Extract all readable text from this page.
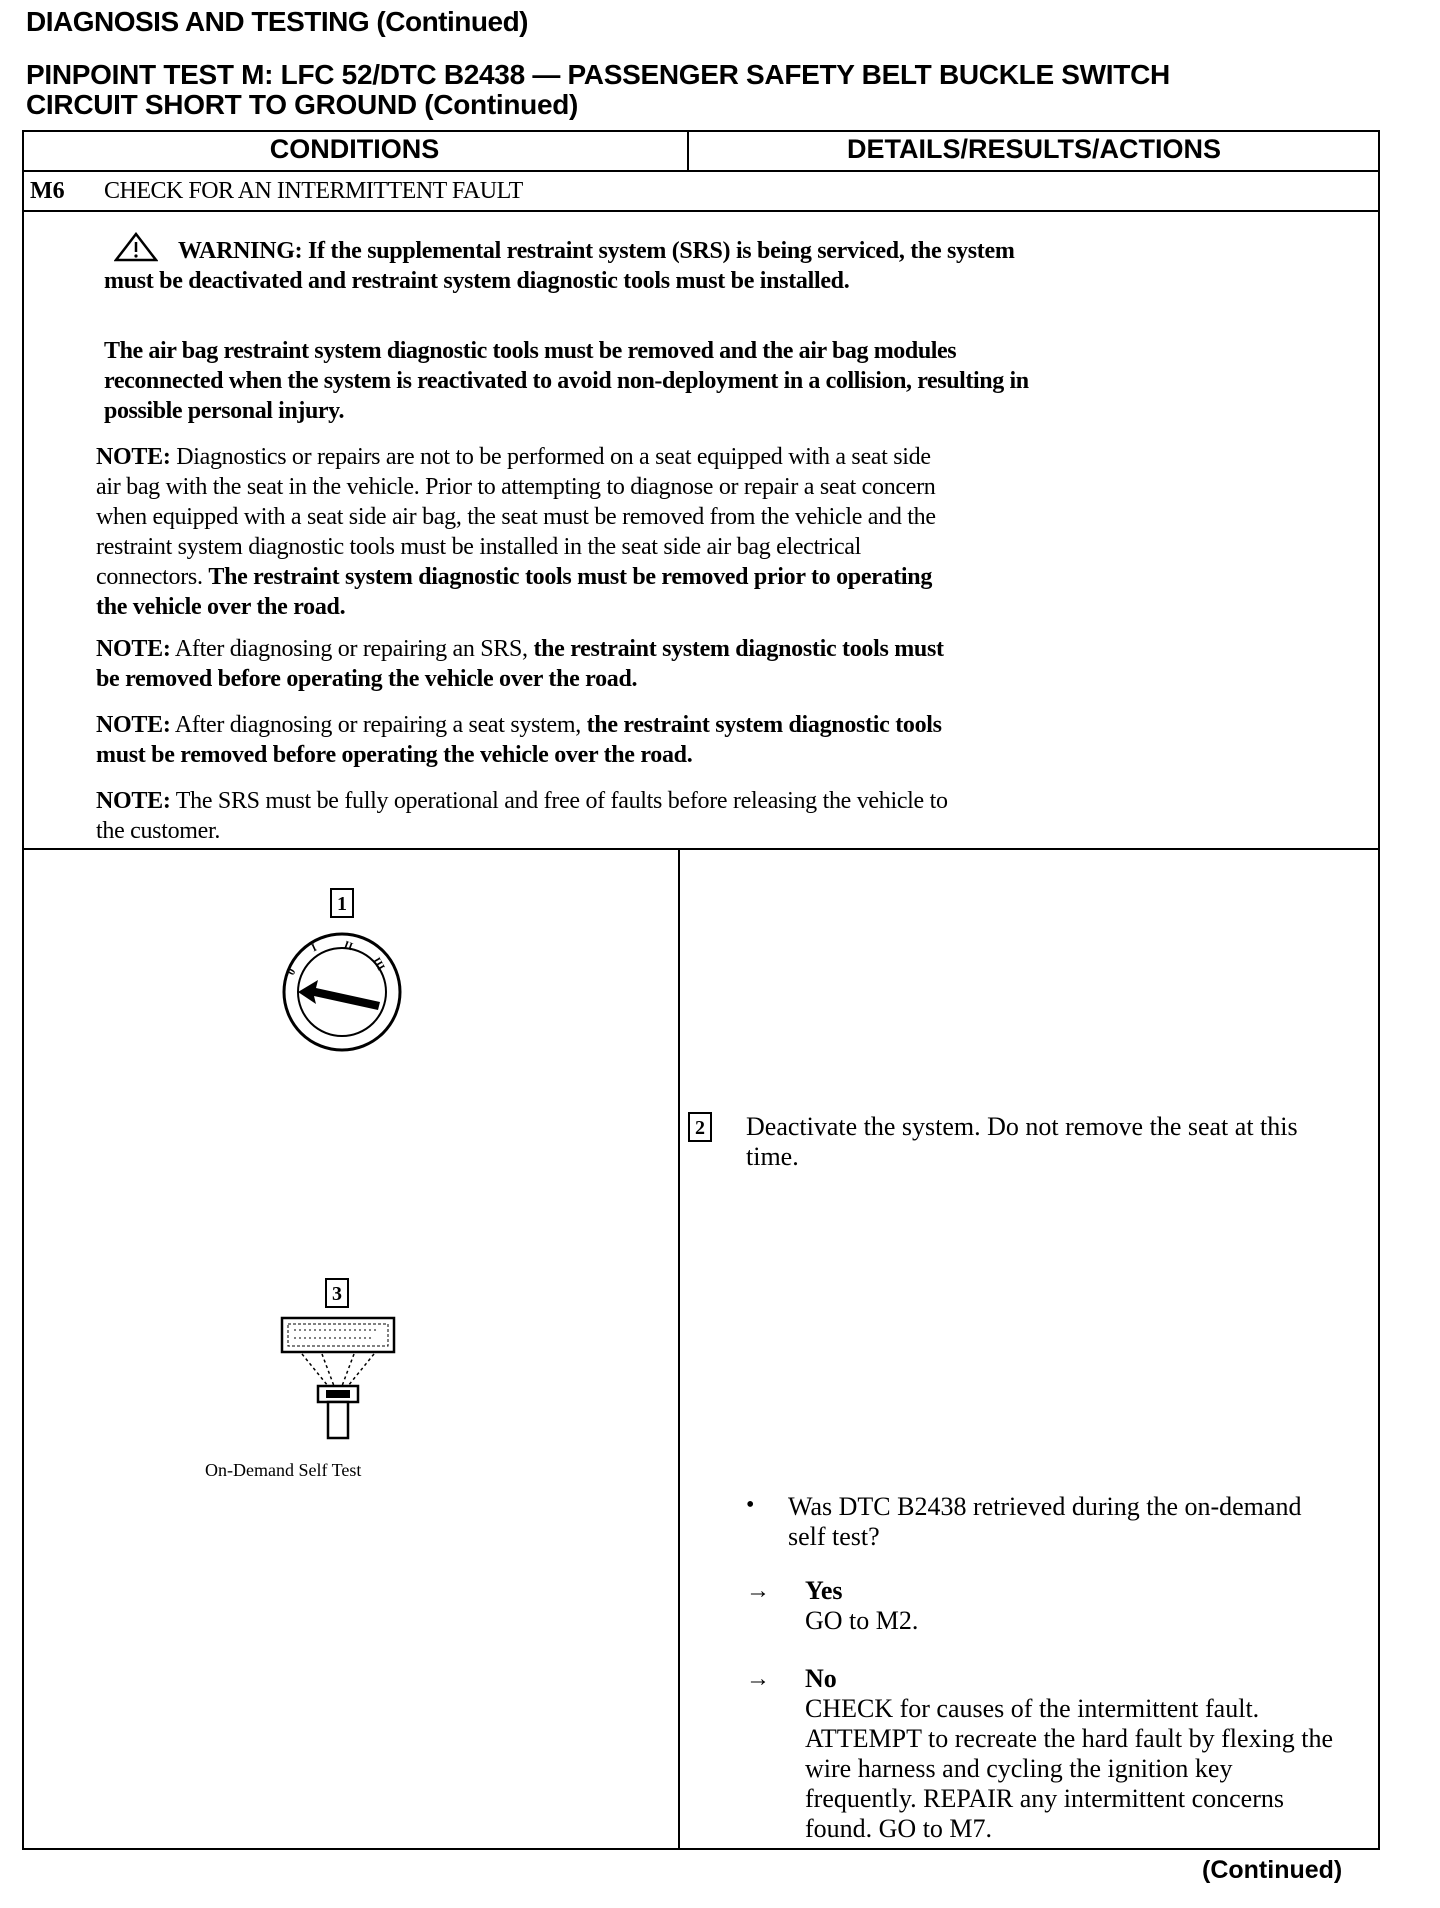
DIAGNOSIS AND TESTING (Continued)
PINPOINT TEST M: LFC 52/DTC B2438 — PASSENGER SAFETY BELT BUCKLE SWITCH
CIRCUIT SHORT TO GROUND (Continued)
CONDITIONS	DETAILS/RESULTS/ACTIONS
M6 CHECK FOR AN INTERMITTENT FAULT
WARNING: If the supplemental restraint system (SRS) is being serviced, the system
must be deactivated and restraint system diagnostic tools must be installed.
The air bag restraint system diagnostic tools must be removed and the air bag modules
reconnected when the system is reactivated to avoid non-deployment in a collision, resulting in
possible personal injury.
NOTE: Diagnostics or repairs are not to be performed on a seat equipped with a seat side
air bag with the seat in the vehicle. Prior to attempting to diagnose or repair a seat concern
when equipped with a seat side air bag, the seat must be removed from the vehicle and the
restraint system diagnostic tools must be installed in the seat side air bag electrical
connectors. The restraint system diagnostic tools must be removed prior to operating
the vehicle over the road.
NOTE: After diagnosing or repairing an SRS, the restraint system diagnostic tools must
be removed before operating the vehicle over the road.
NOTE: After diagnosing or repairing a seat system, the restraint system diagnostic tools
must be removed before operating the vehicle over the road.
NOTE: The SRS must be fully operational and free of faults before releasing the vehicle to
the customer.
1
0
I II
III
2 Deactivate the system. Do not remove the seat at this time.
3
On-Demand Self Test
• Was DTC B2438 retrieved during the on-demand self test?
→ Yes
GO to M2.
→ No
CHECK for causes of the intermittent fault. ATTEMPT to recreate the hard fault by flexing the wire harness and cycling the ignition key frequently. REPAIR any intermittent concerns found. GO to M7.
(Continued)
